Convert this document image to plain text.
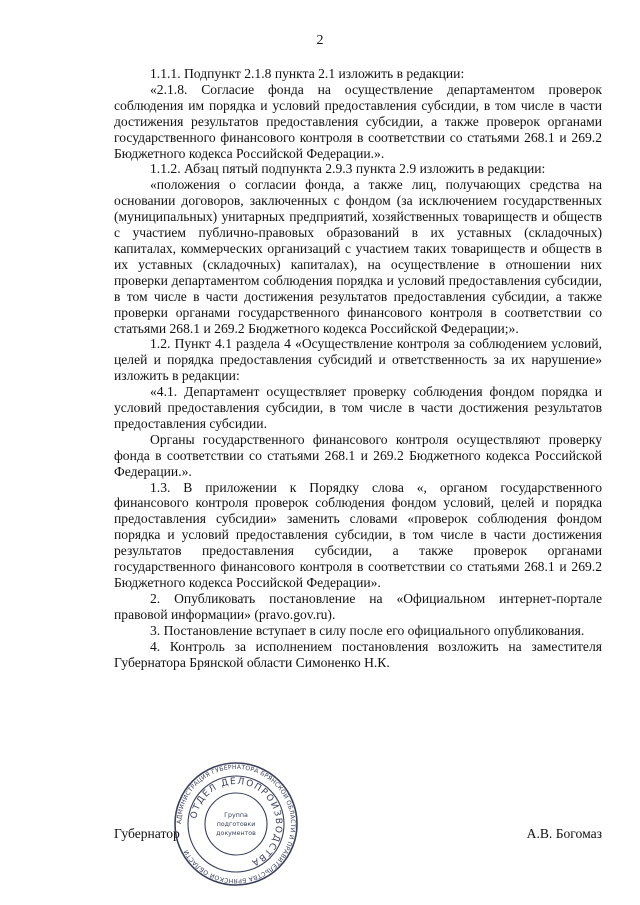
2

1.1.1. Подпункт 2.1.8 пункта 2.1 изложить в редакции:

«2.1.8. Согласие фонда на осуществление департаментом проверок соблюдения им порядка и условий предоставления субсидии, в том числе в части достижения результатов предоставления субсидии, а также проверок органами государственного финансового контроля в соответствии со статьями 268.1 и 269.2 Бюджетного кодекса Российской Федерации.».

1.1.2. Абзац пятый подпункта 2.9.3 пункта 2.9 изложить в редакции:

«положения о согласии фонда, а также лиц, получающих средства на основании договоров, заключенных с фондом (за исключением государственных (муниципальных) унитарных предприятий, хозяйственных товариществ и обществ с участием публично-правовых образований в их уставных (складочных) капиталах, коммерческих организаций с участием таких товариществ и обществ в их уставных (складочных) капиталах), на осуществление в отношении них проверки департаментом соблюдения порядка и условий предоставления субсидии, в том числе в части достижения результатов предоставления субсидии, а также проверки органами государственного финансового контроля в соответствии со статьями 268.1 и 269.2 Бюджетного кодекса Российской Федерации;».

1.2. Пункт 4.1 раздела 4 «Осуществление контроля за соблюдением условий, целей и порядка предоставления субсидий и ответственность за их нарушение» изложить в редакции:

«4.1. Департамент осуществляет проверку соблюдения фондом порядка и условий предоставления субсидии, в том числе в части достижения результатов предоставления субсидии.

Органы государственного финансового контроля осуществляют проверку фонда в соответствии со статьями 268.1 и 269.2 Бюджетного кодекса Российской Федерации.».

1.3. В приложении к Порядку слова «, органом государственного финансового контроля проверок соблюдения фондом условий, целей и порядка предоставления субсидии» заменить словами «проверок соблюдения фондом порядка и условий предоставления субсидии, в том числе в части достижения результатов предоставления субсидии, а также проверок органами государственного финансового контроля в соответствии со статьями 268.1 и 269.2 Бюджетного кодекса Российской Федерации».

2. Опубликовать постановление на «Официальном интернет-портале правовой информации» (pravo.gov.ru).

3. Постановление вступает в силу после его официального опубликования.

4. Контроль за исполнением постановления возложить на заместителя Губернатора Брянской области Симоненко Н.К.

Губернатор	А.В. Богомаз
АДМИНИСТРАЦИЯ ГУБЕРНАТОРА БРЯНСКОЙ ОБЛАСТИ И ПРАВИТЕЛЬСТВА БРЯНСКОЙ ОБЛАСТИ
ОТДЕЛ ДЕЛОПРОИЗВОДСТВА
Группа
подготовки
документов
